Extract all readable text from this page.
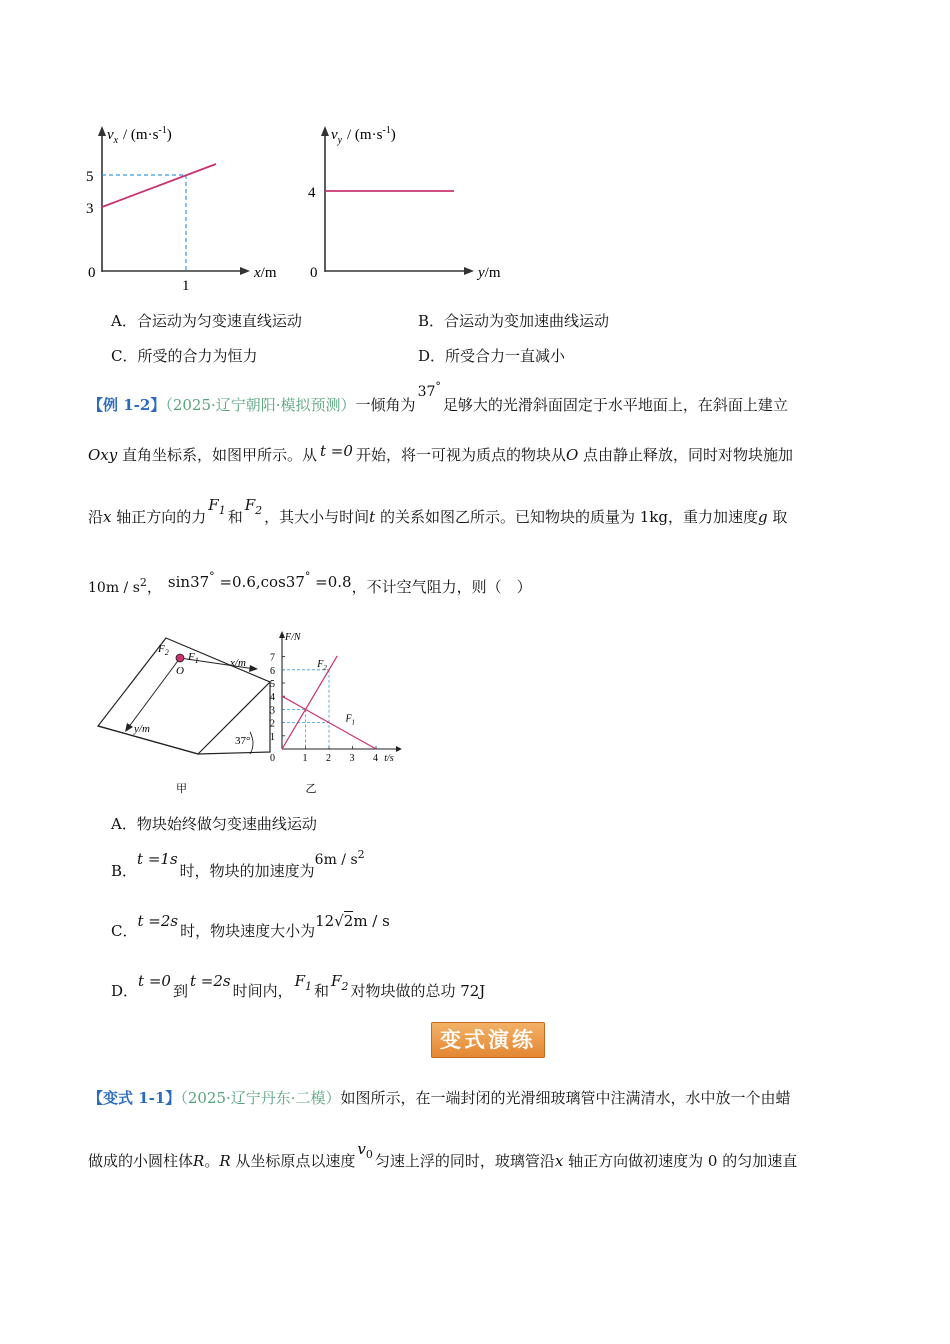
$v_x / (m\cdot s^{-1})$
5
3
0
1
x/m
$v_y / (m\cdot s^{-1})$
4
0	y/m
A．合运动为匀变速直线运动	B．合运动为变加速曲线运动
C．所受的合力为恒力	D．所受合力一直减小
【例 1-2】（2025·辽宁朝阳·模拟预测）一倾角为37°足够大的光滑斜面固定于水平地面上，在斜面上建立
Oxy 直角坐标系，如图甲所示。从 t =0 开始，将一可视为质点的物块从O 点由静止释放，同时对物块施加
沿x 轴正方向的力$F_1$ 和$F_2$ ，其大小与时间t 的关系如图乙所示。已知物块的质量为 1kg，重力加速度g 取
$10m / s^2$， sin37° =0.6,cos37° =0.8，不计空气阻力，则（　）
$F_2$ $F_1$
O
x/m
y/m
37°
甲
7
6
5
4
3
2
1
0	1 2 3 4
F/N
t/s
$F_2$
$F_1$
乙
A．物块始终做匀变速曲线运动
B．t =1s时，物块的加速度为$6m / s^2$
C．t =2s时，物块速度大小为12√2m / s
D．t =0到t =2s时间内，$F_1$ 和$F_2$ 对物块做的总功 72J
变式演练
【变式 1-1】（2025·辽宁丹东·二模）如图所示，在一端封闭的光滑细玻璃管中注满清水，水中放一个由蜡
做成的小圆柱体R。R 从坐标原点以速度$v_0$ 匀速上浮的同时，玻璃管沿x 轴正方向做初速度为 0 的匀加速直
